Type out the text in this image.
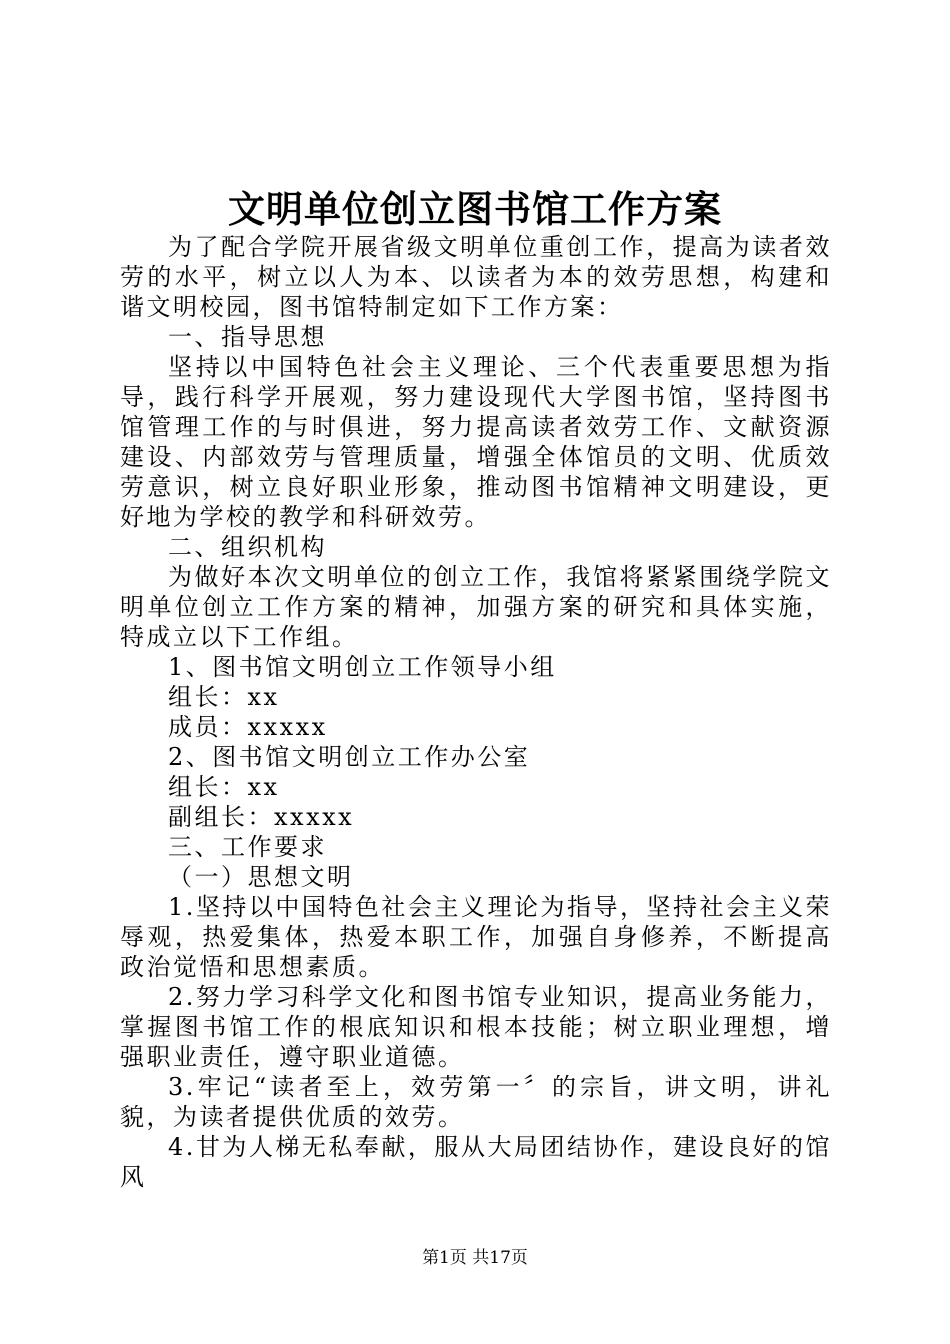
文明单位创立图书馆工作方案

为了配合学院开展省级文明单位重创工作，提高为读者效劳的水平，树立以人为本、以读者为本的效劳思想，构建和谐文明校园，图书馆特制定如下工作方案：

一、指导思想

坚持以中国特色社会主义理论、三个代表重要思想为指导，践行科学开展观，努力建设现代大学图书馆，坚持图书馆管理工作的与时俱进，努力提高读者效劳工作、文献资源建设、内部效劳与管理质量，增强全体馆员的文明、优质效劳意识，树立良好职业形象，推动图书馆精神文明建设，更好地为学校的教学和科研效劳。

二、组织机构

为做好本次文明单位的创立工作，我馆将紧紧围绕学院文明单位创立工作方案的精神，加强方案的研究和具体实施，特成立以下工作组。

1、图书馆文明创立工作领导小组

组长：xx

成员：xxxxx

2、图书馆文明创立工作办公室

组长：xx

副组长：xxxxx

三、工作要求

（一）思想文明

1.坚持以中国特色社会主义理论为指导，坚持社会主义荣辱观，热爱集体，热爱本职工作，加强自身修养，不断提高政治觉悟和思想素质。

2.努力学习科学文化和图书馆专业知识，提高业务能力，掌握图书馆工作的根底知识和根本技能；树立职业理想，增强职业责任，遵守职业道德。

3.牢记“读者至上，效劳第一〞的宗旨，讲文明，讲礼貌，为读者提供优质的效劳。

4.甘为人梯无私奉献，服从大局团结协作，建设良好的馆风

第1页 共17页
